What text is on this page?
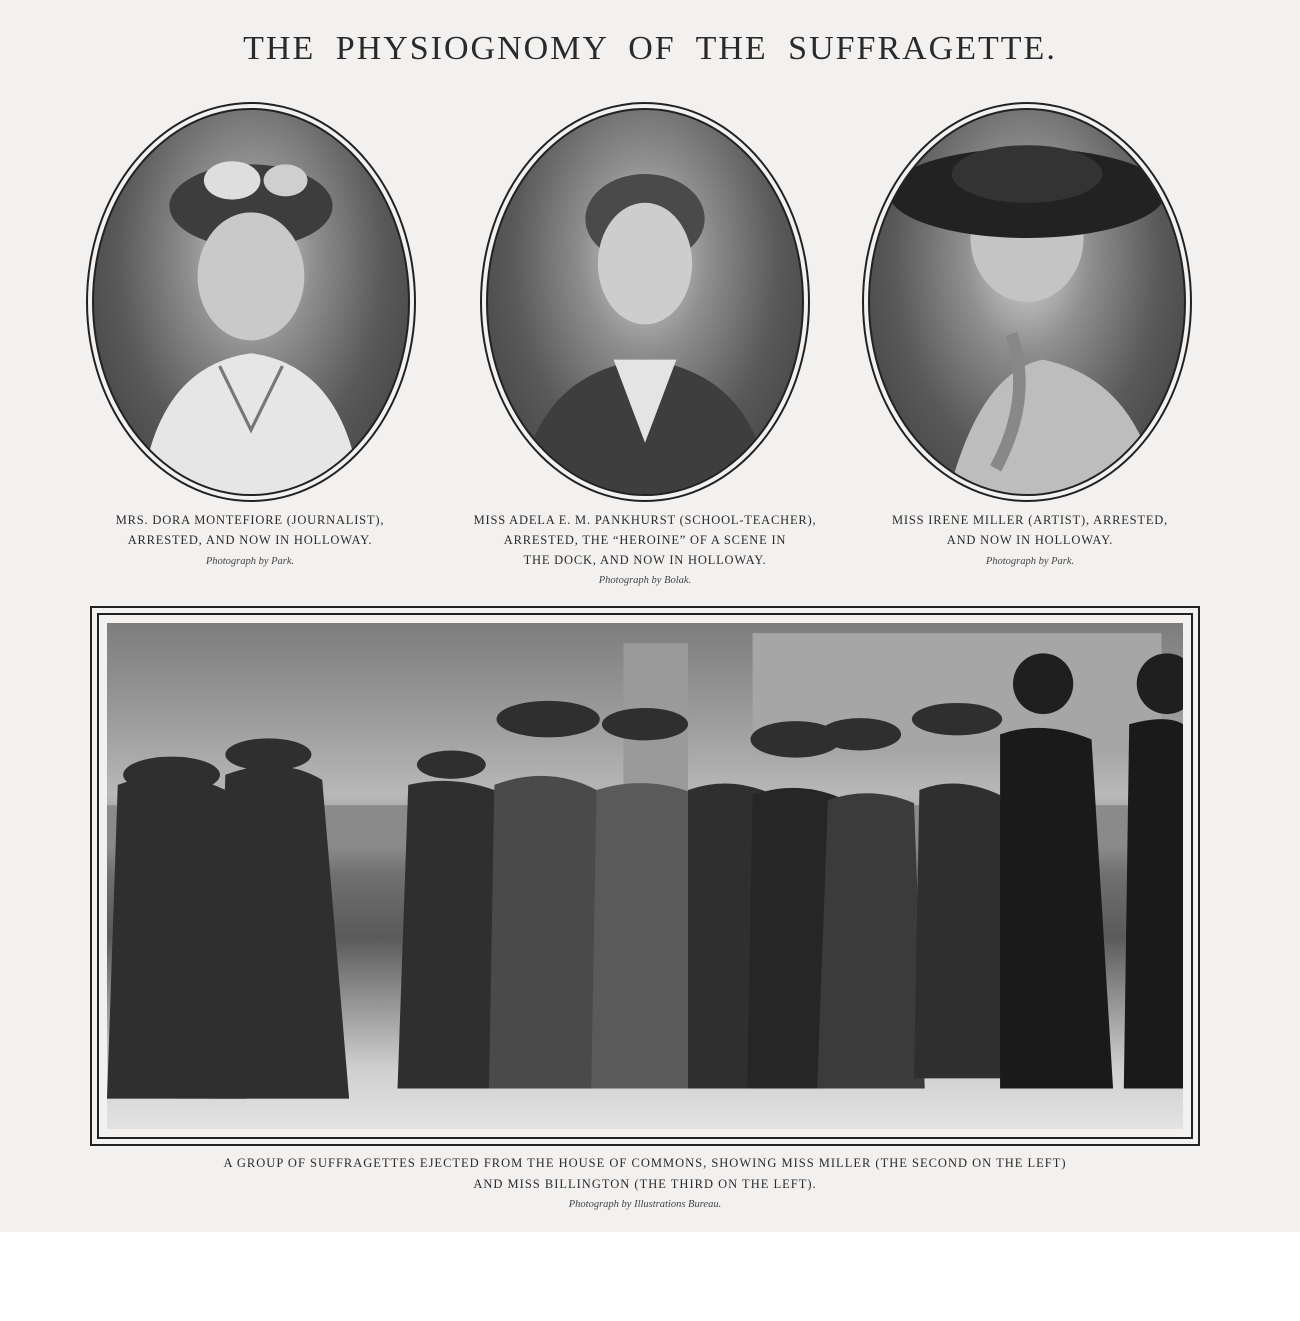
THE PHYSIOGNOMY OF THE SUFFRAGETTE.
MRS. DORA MONTEFIORE (JOURNALIST),
ARRESTED, AND NOW IN HOLLOWAY.
Photograph by Park.
MISS ADELA E. M. PANKHURST (SCHOOL-TEACHER),
ARRESTED, THE “HEROINE” OF A SCENE IN
THE DOCK, AND NOW IN HOLLOWAY.
Photograph by Bolak.
MISS IRENE MILLER (ARTIST), ARRESTED,
AND NOW IN HOLLOWAY.
Photograph by Park.
A GROUP OF SUFFRAGETTES EJECTED FROM THE HOUSE OF COMMONS, SHOWING MISS MILLER (THE SECOND ON THE LEFT)
AND MISS BILLINGTON (THE THIRD ON THE LEFT).
Photograph by Illustrations Bureau.
